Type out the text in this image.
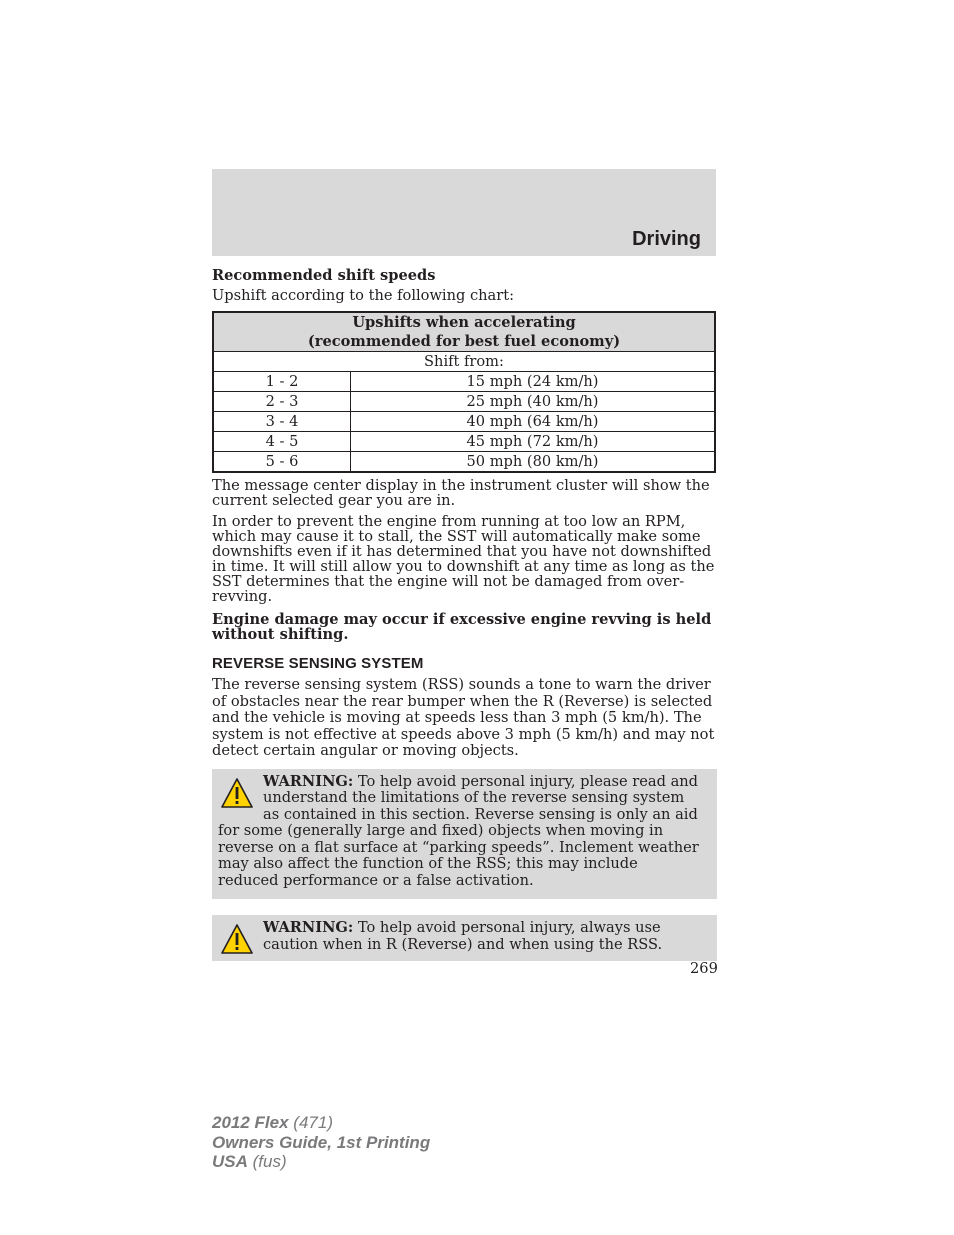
Driving

Recommended shift speeds

Upshift according to the following chart:

Upshifts when accelerating
(recommended for best fuel economy)	
Shift from:	
1 - 2	15 mph (24 km/h)
2 - 3	25 mph (40 km/h)
3 - 4	40 mph (64 km/h)
4 - 5	45 mph (72 km/h)
5 - 6	50 mph (80 km/h)

The message center display in the instrument cluster will show the current selected gear you are in.

In order to prevent the engine from running at too low an RPM, which may cause it to stall, the SST will automatically make some downshifts even if it has determined that you have not downshifted in time. It will still allow you to downshift at any time as long as the SST determines that the engine will not be damaged from over-revving.

Engine damage may occur if excessive engine revving is held without shifting.

REVERSE SENSING SYSTEM

The reverse sensing system (RSS) sounds a tone to warn the driver of obstacles near the rear bumper when the R (Reverse) is selected and the vehicle is moving at speeds less than 3 mph (5 km/h). The system is not effective at speeds above 3 mph (5 km/h) and may not detect certain angular or moving objects.

WARNING: To help avoid personal injury, please read and understand the limitations of the reverse sensing system as contained in this section. Reverse sensing is only an aid for some (generally large and fixed) objects when moving in reverse on a flat surface at “parking speeds”. Inclement weather may also affect the function of the RSS; this may include reduced performance or a false activation.
WARNING: To help avoid personal injury, always use caution when in R (Reverse) and when using the RSS.
269
2012 Flex (471)
Owners Guide, 1st Printing
USA (fus)
